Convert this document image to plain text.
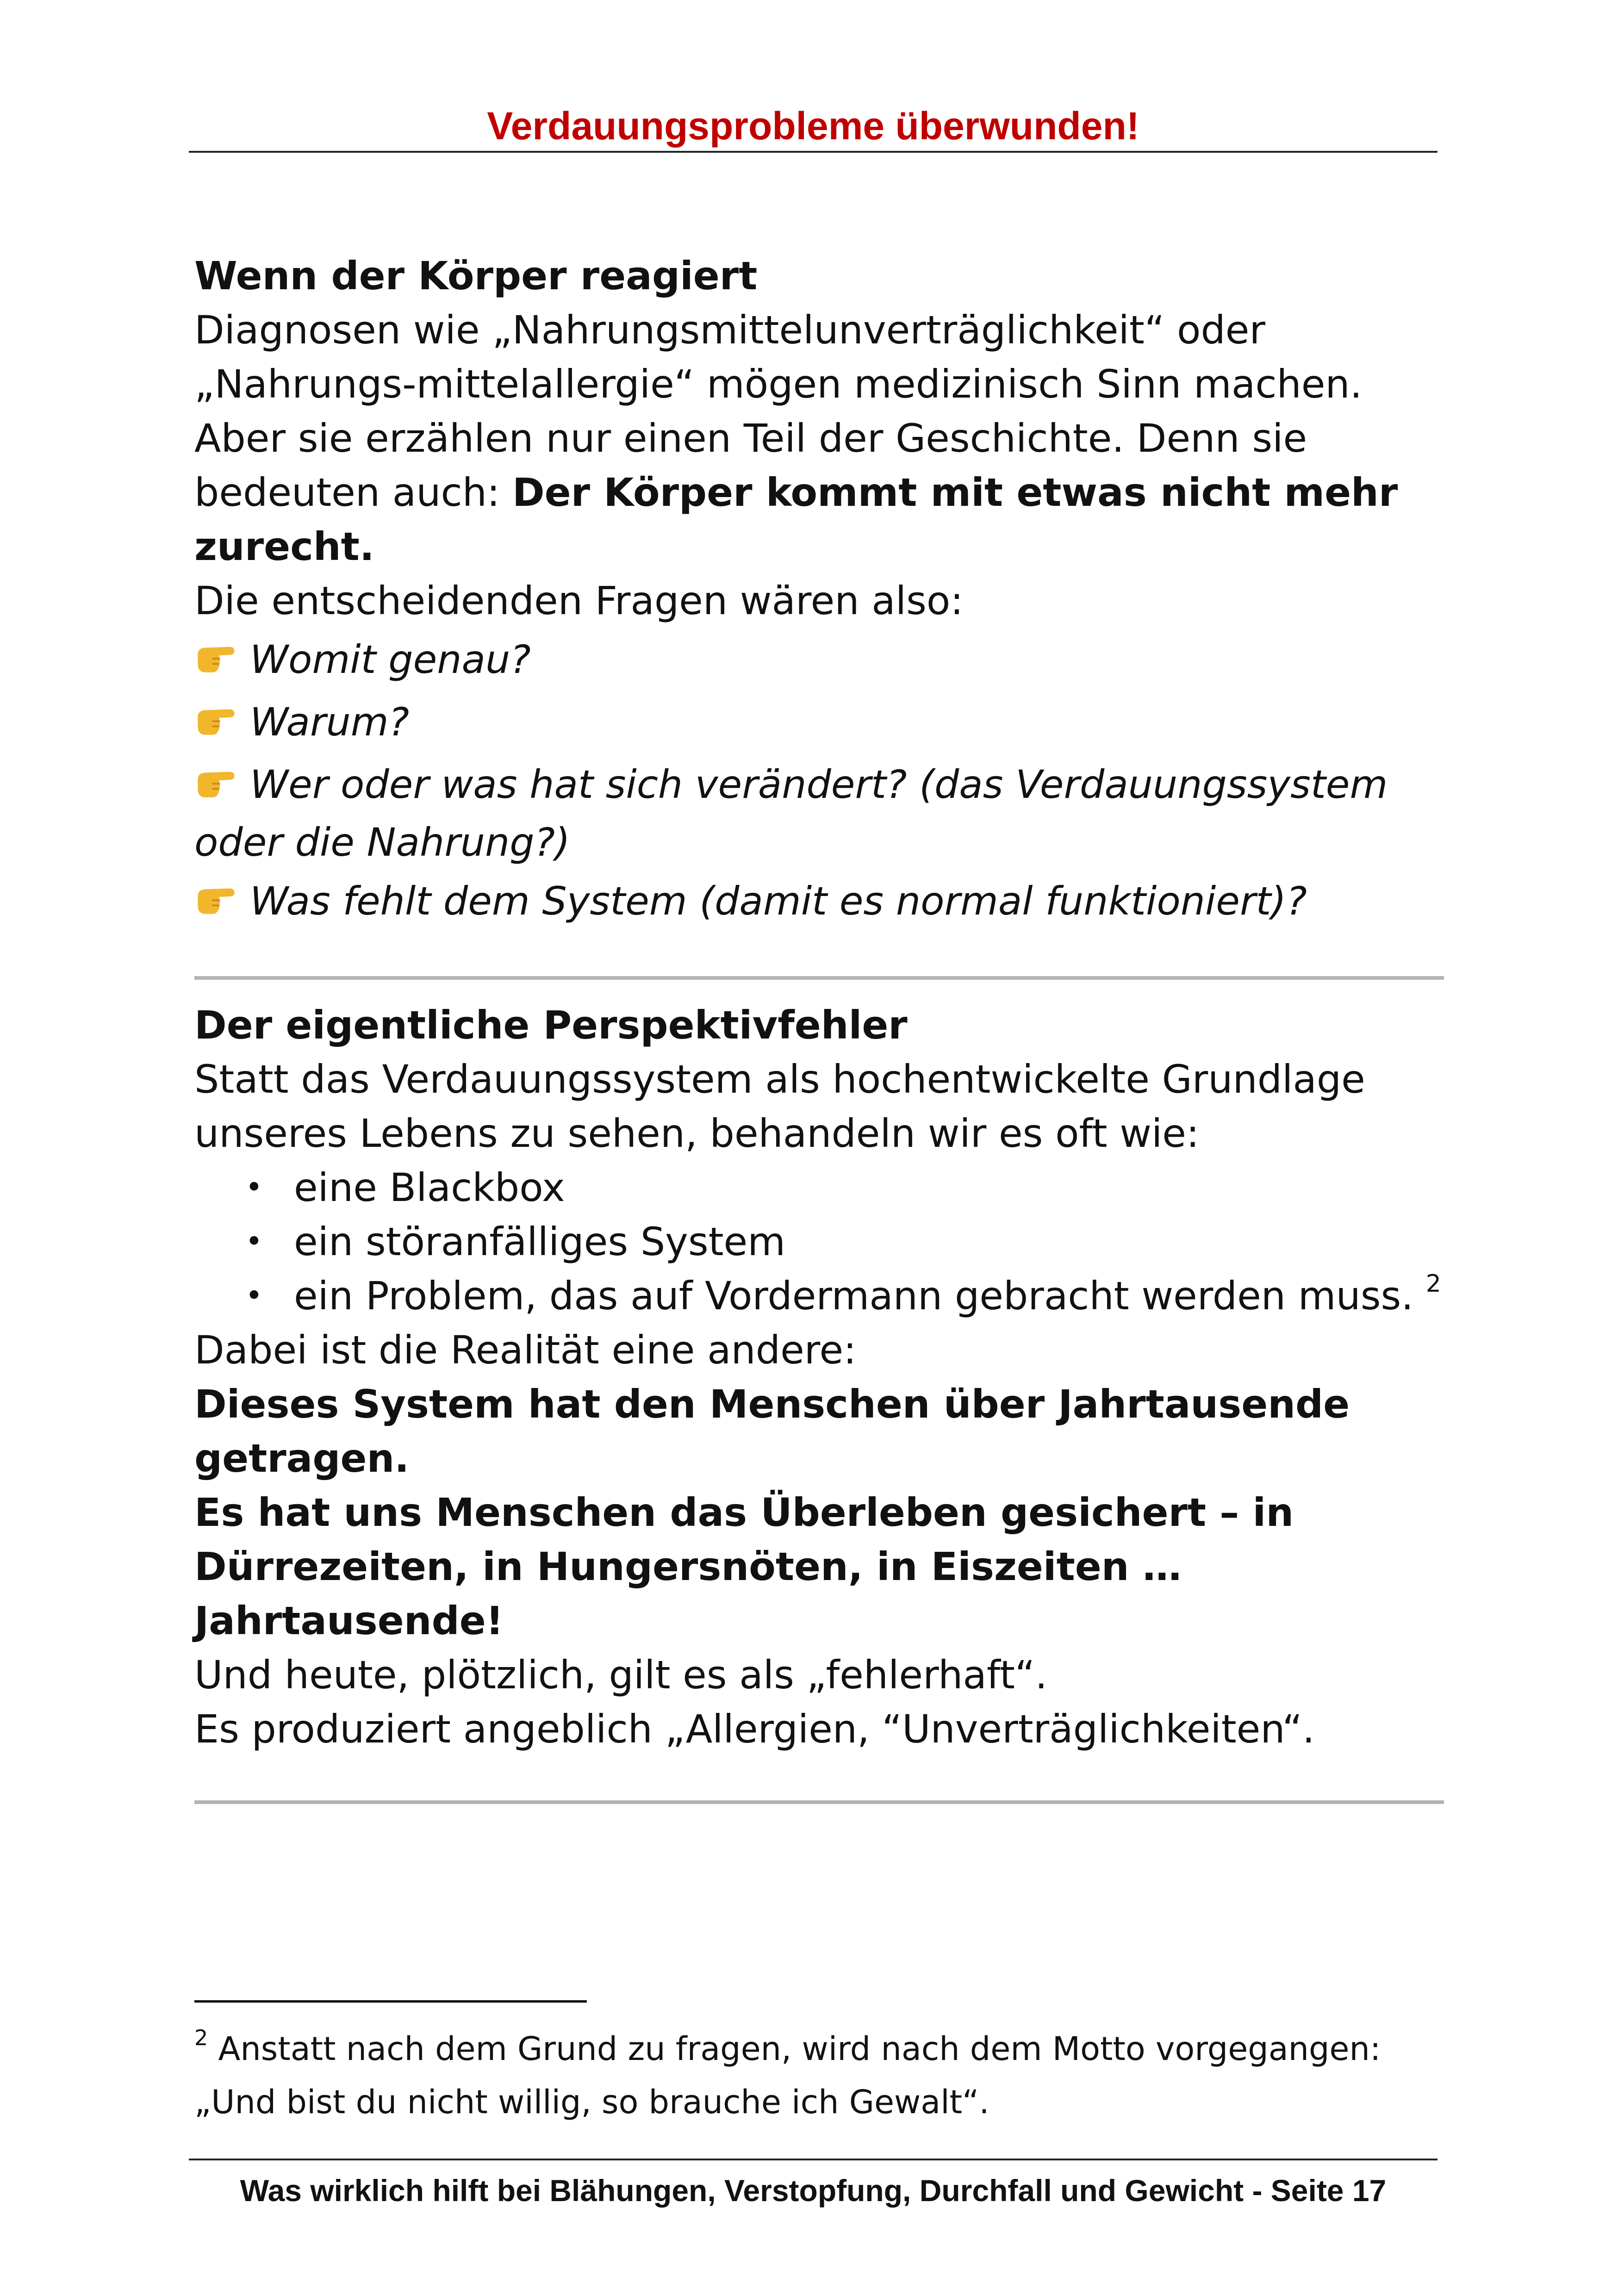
Verdauungsprobleme überwunden!

Wenn der Körper reagiert

Diagnosen wie „Nahrungsmittelunverträglichkeit“ oder „Nahrungs-mittelallergie“ mögen medizinisch Sinn machen.

Aber sie erzählen nur einen Teil der Geschichte. Denn sie bedeuten auch: Der Körper kommt mit etwas nicht mehr zurecht.

Die entscheidenden Fragen wären also:

Womit genau?

Warum?

Wer oder was hat sich verändert? (das Verdauungssystem oder die Nahrung?)

Was fehlt dem System (damit es normal funktioniert)?

Der eigentliche Perspektivfehler

Statt das Verdauungssystem als hochentwickelte Grundlage unseres Lebens zu sehen, behandeln wir es oft wie:

• eine Blackbox
• ein störanfälliges System
• ein Problem, das auf Vordermann gebracht werden muss. $^2$

Dabei ist die Realität eine andere:

Dieses System hat den Menschen über Jahrtausende getragen.

Es hat uns Menschen das Überleben gesichert – in Dürrezeiten, in Hungersnöten, in Eiszeiten … Jahrtausende!

Und heute, plötzlich, gilt es als „fehlerhaft“.

Es produziert angeblich „Allergien, “Unverträglichkeiten“.

$^2$ Anstatt nach dem Grund zu fragen, wird nach dem Motto vorgegangen: „Und bist du nicht willig, so brauche ich Gewalt“.
Was wirklich hilft bei Blähungen, Verstopfung, Durchfall und Gewicht - Seite 17
